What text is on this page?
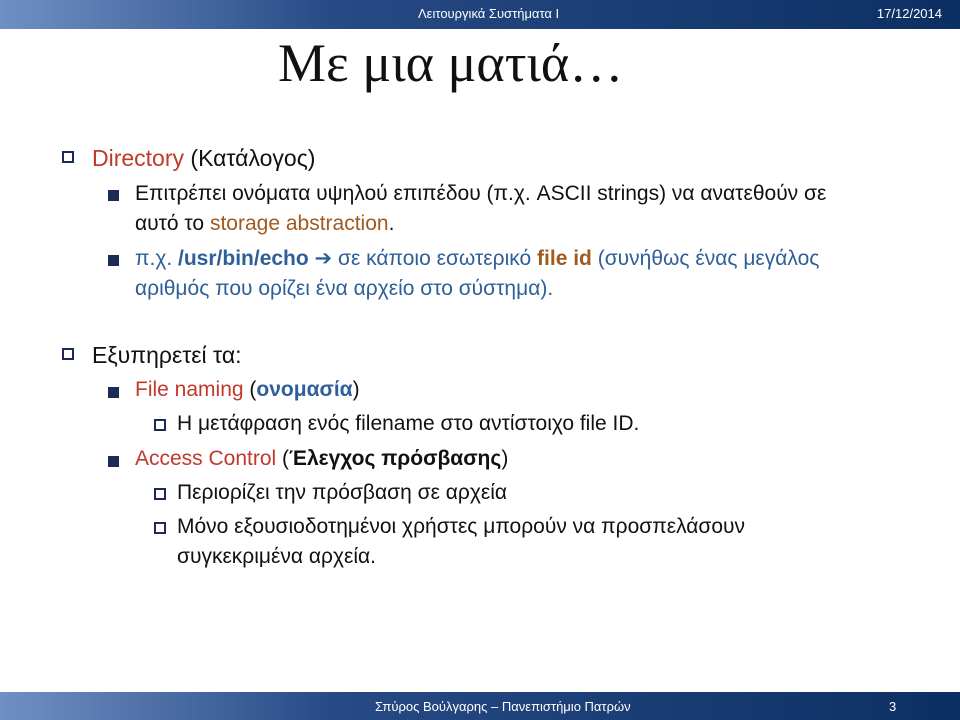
Λειτουργικά Συστήματα Ι	17/12/2014
Με μια ματιά…
Directory (Κατάλογος)
Επιτρέπει ονόματα υψηλού επιπέδου (π.χ. ASCII strings) να ανατεθούν σε
αυτό το storage abstraction.
π.χ. /usr/bin/echo ➔ σε κάποιο εσωτερικό file id (συνήθως ένας μεγάλος
αριθμός που ορίζει ένα αρχείο στο σύστημα).
Εξυπηρετεί τα:
File naming (ονομασία)
Η μετάφραση ενός filename στο αντίστοιχο file ID.
Access Control (Έλεγχος πρόσβασης)
Περιορίζει την πρόσβαση σε αρχεία
Μόνο εξουσιοδοτημένοι χρήστες μπορούν να προσπελάσουν
συγκεκριμένα αρχεία.
Σπύρος Βούλγαρης – Πανεπιστήμιο Πατρών	3
